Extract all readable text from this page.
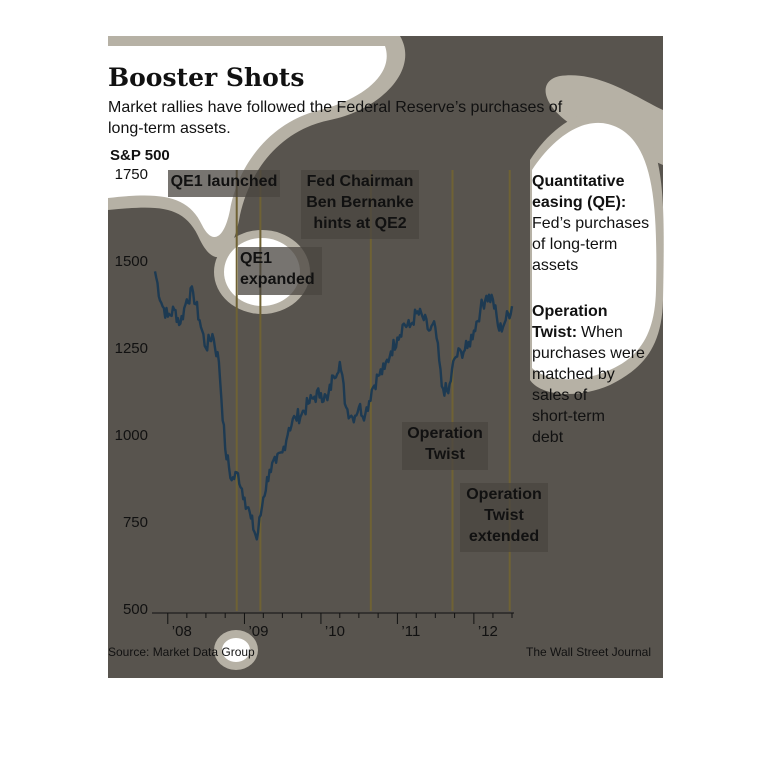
Booster Shots
Market rallies have followed the Federal Reserve’s purchases of
long-term assets.
S&P 500
1750
1500
1250
1000
750
500
’08	’09	’10	’11	’12
QE1 launched
QE1
expanded
Fed Chairman
Ben Bernanke
hints at QE2
Operation
Twist
Operation
Twist
extended
Quantitative
easing (QE):
Fed’s purchases
of long-term
assets
Operation
Twist: When
purchases were
matched by
sales of
short-term
debt
Source: Market Data Group	The Wall Street Journal
